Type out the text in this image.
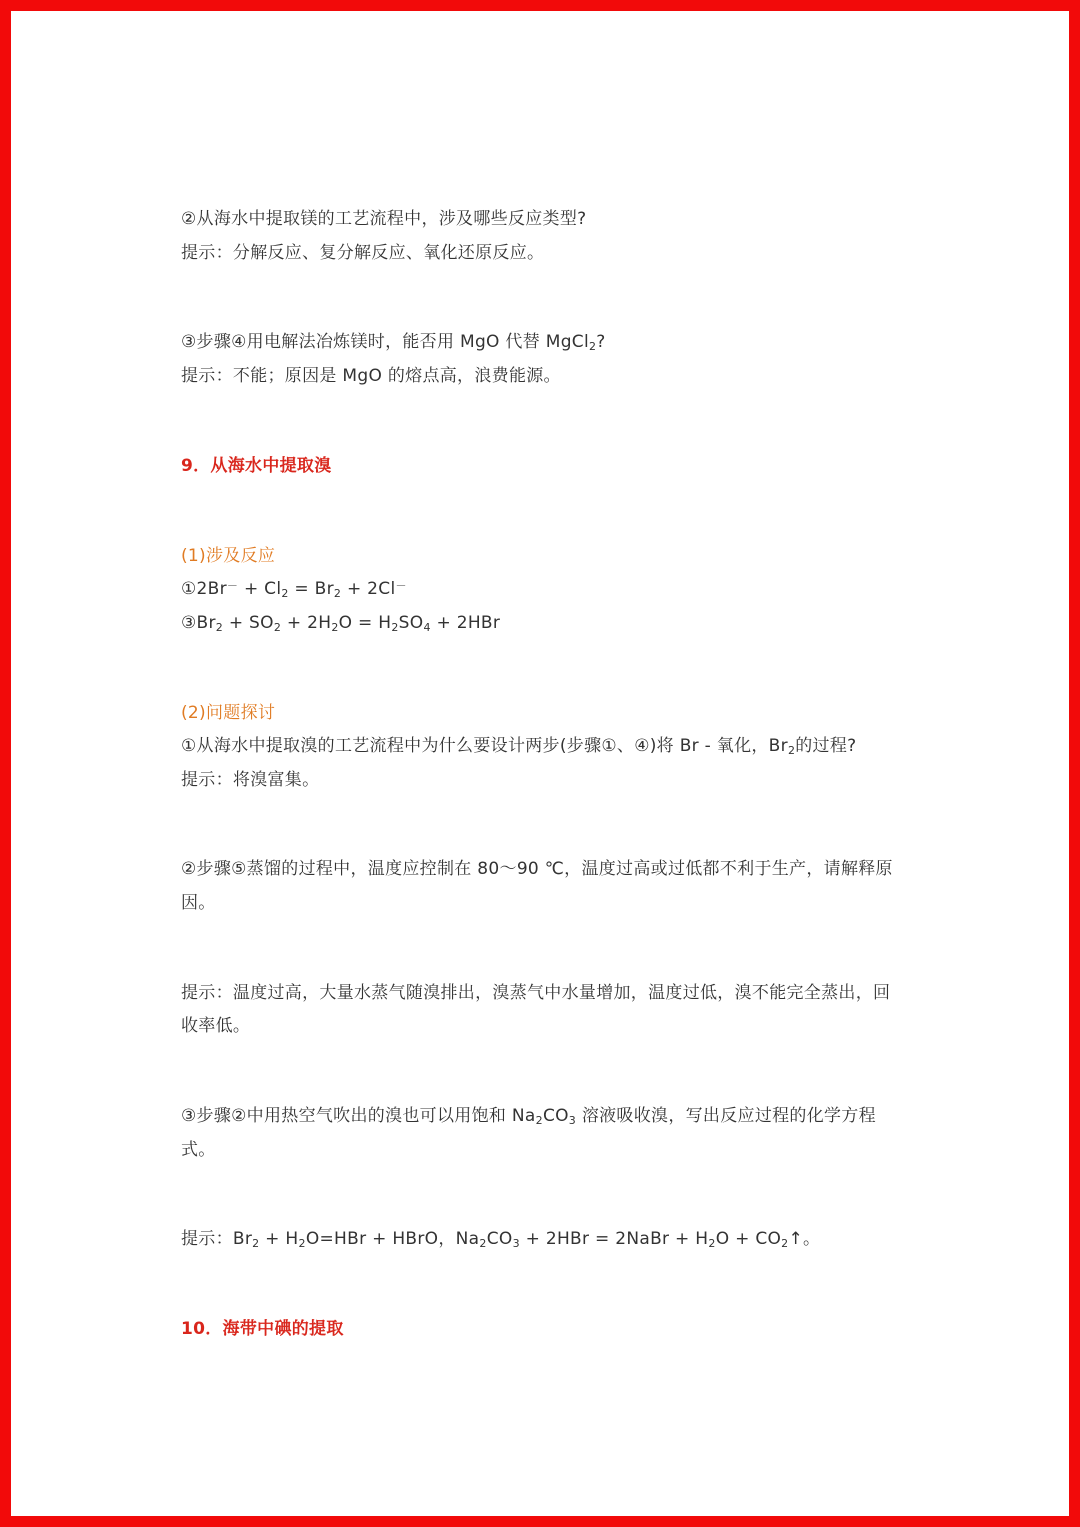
②从海水中提取镁的工艺流程中，涉及哪些反应类型?
提示：分解反应、复分解反应、氧化还原反应。
③步骤④用电解法冶炼镁时，能否用 MgO 代替 MgCl$_2$?
提示：不能；原因是 MgO 的熔点高，浪费能源。
9．从海水中提取溴
(1)涉及反应
①2Br－ + $Cl_2 = Br_2 + 2Cl^-$
$③Br_2 + SO_2 + 2H_2O = H_2SO_4 + 2HBr$
(2)问题探讨
①从海水中提取溴的工艺流程中为什么要设计两步(步骤①、④)将 Br - 氧化，$Br_2$的过程?
提示：将溴富集。
②步骤⑤蒸馏的过程中，温度应控制在 80～90 ℃，温度过高或过低都不利于生产，请解释原
因。
提示：温度过高，大量水蒸气随溴排出，溴蒸气中水量增加，温度过低，溴不能完全蒸出，回
收率低。
③步骤②中用热空气吹出的溴也可以用饱和 $Na_2CO_3$ 溶液吸收溴，写出反应过程的化学方程
式。
提示：$Br_2 + H_2O=HBr$ + HBrO，$Na_2CO_3 + 2HBr$ = 2NaBr + $H_2O$ + $CO_2↑$。
10．海带中碘的提取
